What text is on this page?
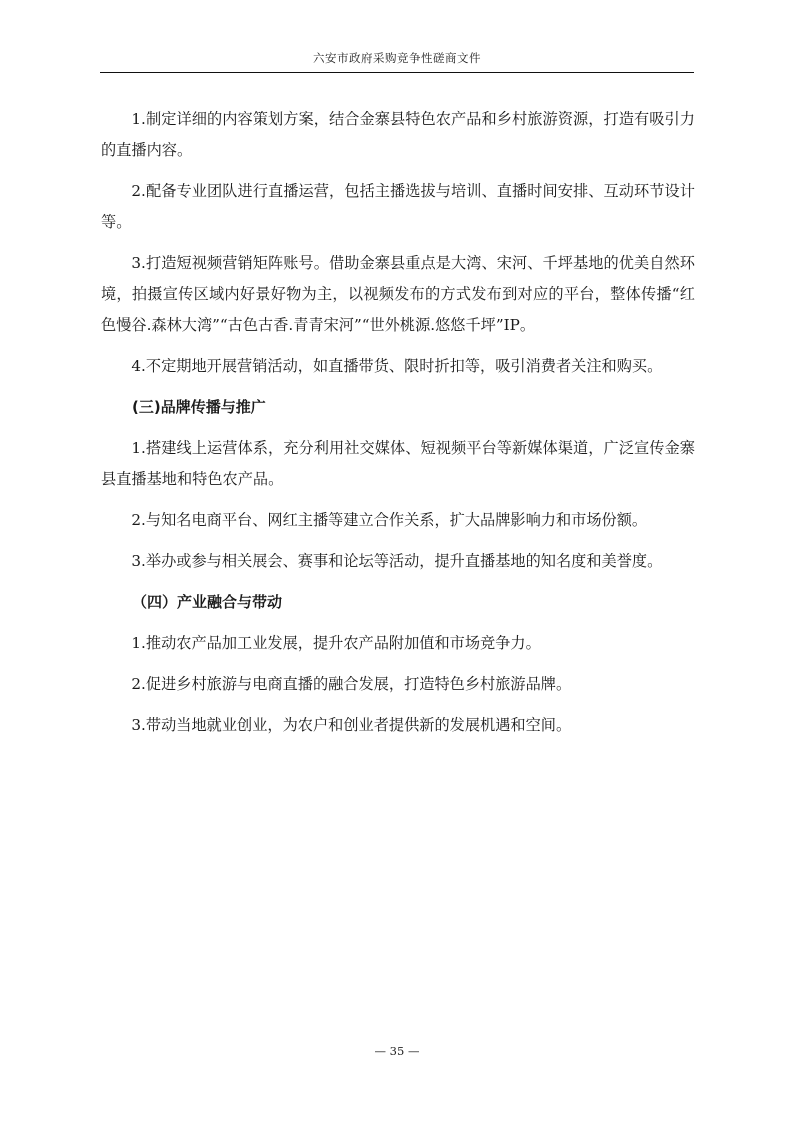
六安市政府采购竞争性磋商文件

1.制定详细的内容策划方案，结合金寨县特色农产品和乡村旅游资源，打造有吸引力的直播内容。

2.配备专业团队进行直播运营，包括主播选拔与培训、直播时间安排、互动环节设计等。

3.打造短视频营销矩阵账号。借助金寨县重点是大湾、宋河、千坪基地的优美自然环境，拍摄宣传区域内好景好物为主，以视频发布的方式发布到对应的平台，整体传播“红色慢谷.森林大湾”“古色古香.青青宋河”“世外桃源.悠悠千坪”IP。

4.不定期地开展营销活动，如直播带货、限时折扣等，吸引消费者关注和购买。

(三)品牌传播与推广

1.搭建线上运营体系，充分利用社交媒体、短视频平台等新媒体渠道，广泛宣传金寨县直播基地和特色农产品。

2.与知名电商平台、网红主播等建立合作关系，扩大品牌影响力和市场份额。

3.举办或参与相关展会、赛事和论坛等活动，提升直播基地的知名度和美誉度。

（四）产业融合与带动

1.推动农产品加工业发展，提升农产品附加值和市场竞争力。

2.促进乡村旅游与电商直播的融合发展，打造特色乡村旅游品牌。

3.带动当地就业创业，为农户和创业者提供新的发展机遇和空间。

— 35 —
